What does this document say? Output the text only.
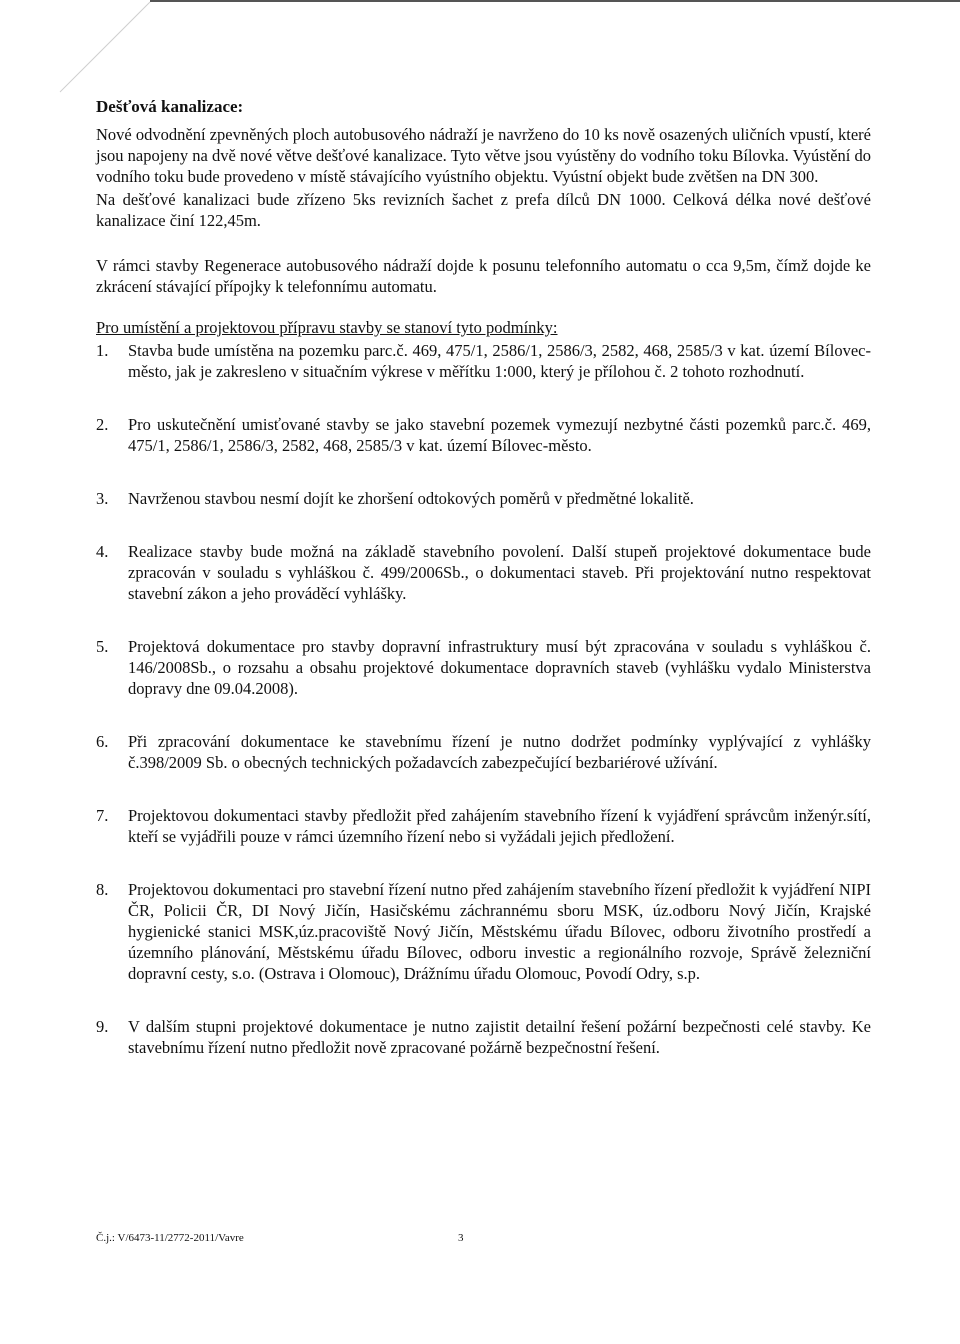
Dešťová kanalizace:

Nové odvodnění zpevněných ploch autobusového nádraží je navrženo do 10 ks nově osazených uličních vpustí, které jsou napojeny na dvě nové větve dešťové kanalizace. Tyto větve jsou vyústěny do vodního toku Bílovka. Vyústění do vodního toku bude provedeno v místě stávajícího vyústního objektu. Vyústní objekt bude zvětšen na DN 300.

Na dešťové kanalizaci bude zřízeno 5ks revizních šachet z prefa dílců DN 1000. Celková délka nové dešťové kanalizace činí 122,45m.

V rámci stavby Regenerace autobusového nádraží dojde k posunu telefonního automatu o cca 9,5m, čímž dojde ke zkrácení stávající přípojky k telefonnímu automatu.

Pro umístění a projektovou přípravu stavby se stanoví tyto podmínky:
1.	Stavba bude umístěna na pozemku parc.č. 469, 475/1, 2586/1, 2586/3, 2582, 468, 2585/3 v kat. území Bílovec-město, jak je zakresleno v situačním výkrese v měřítku 1:000, který je přílohou č. 2 tohoto rozhodnutí.
2.	Pro uskutečnění umisťované stavby se jako stavební pozemek vymezují nezbytné části pozemků parc.č. 469, 475/1, 2586/1, 2586/3, 2582, 468, 2585/3 v kat. území Bílovec-město.
3.	Navrženou stavbou nesmí dojít ke zhoršení odtokových poměrů v předmětné lokalitě.
4.	Realizace stavby bude možná na základě stavebního povolení. Další stupeň projektové dokumentace bude zpracován v souladu s vyhláškou č. 499/2006Sb., o dokumentaci staveb. Při projektování nutno respektovat stavební zákon a jeho prováděcí vyhlášky.
5.	Projektová dokumentace pro stavby dopravní infrastruktury musí být zpracována v souladu s vyhláškou č. 146/2008Sb., o rozsahu a obsahu projektové dokumentace dopravních staveb (vyhlášku vydalo Ministerstva dopravy dne 09.04.2008).
6.	Při zpracování dokumentace ke stavebnímu řízení je nutno dodržet podmínky vyplývající z vyhlášky č.398/2009 Sb. o obecných technických požadavcích zabezpečující bezbariérové užívání.
7.	Projektovou dokumentaci stavby předložit před zahájením stavebního řízení k vyjádření správcům inženýr.sítí, kteří se vyjádřili pouze v rámci územního řízení nebo si vyžádali jejich předložení.
8.	Projektovou dokumentaci pro stavební řízení nutno před zahájením stavebního řízení předložit k vyjádření NIPI ČR, Policii ČR, DI Nový Jičín, Hasičskému záchrannému sboru MSK, úz.odboru Nový Jičín, Krajské hygienické stanici MSK,úz.pracoviště Nový Jičín, Městskému úřadu Bílovec, odboru životního prostředí a územního plánování, Městskému úřadu Bílovec, odboru investic a regionálního rozvoje, Správě železniční dopravní cesty, s.o. (Ostrava i Olomouc), Drážnímu úřadu Olomouc, Povodí Odry, s.p.
9.	V dalším stupni projektové dokumentace je nutno zajistit detailní řešení požární bezpečnosti celé stavby. Ke stavebnímu řízení nutno předložit nově zpracované požárně bezpečnostní řešení.
Č.j.: V/6473-11/2772-2011/Vavre	3
